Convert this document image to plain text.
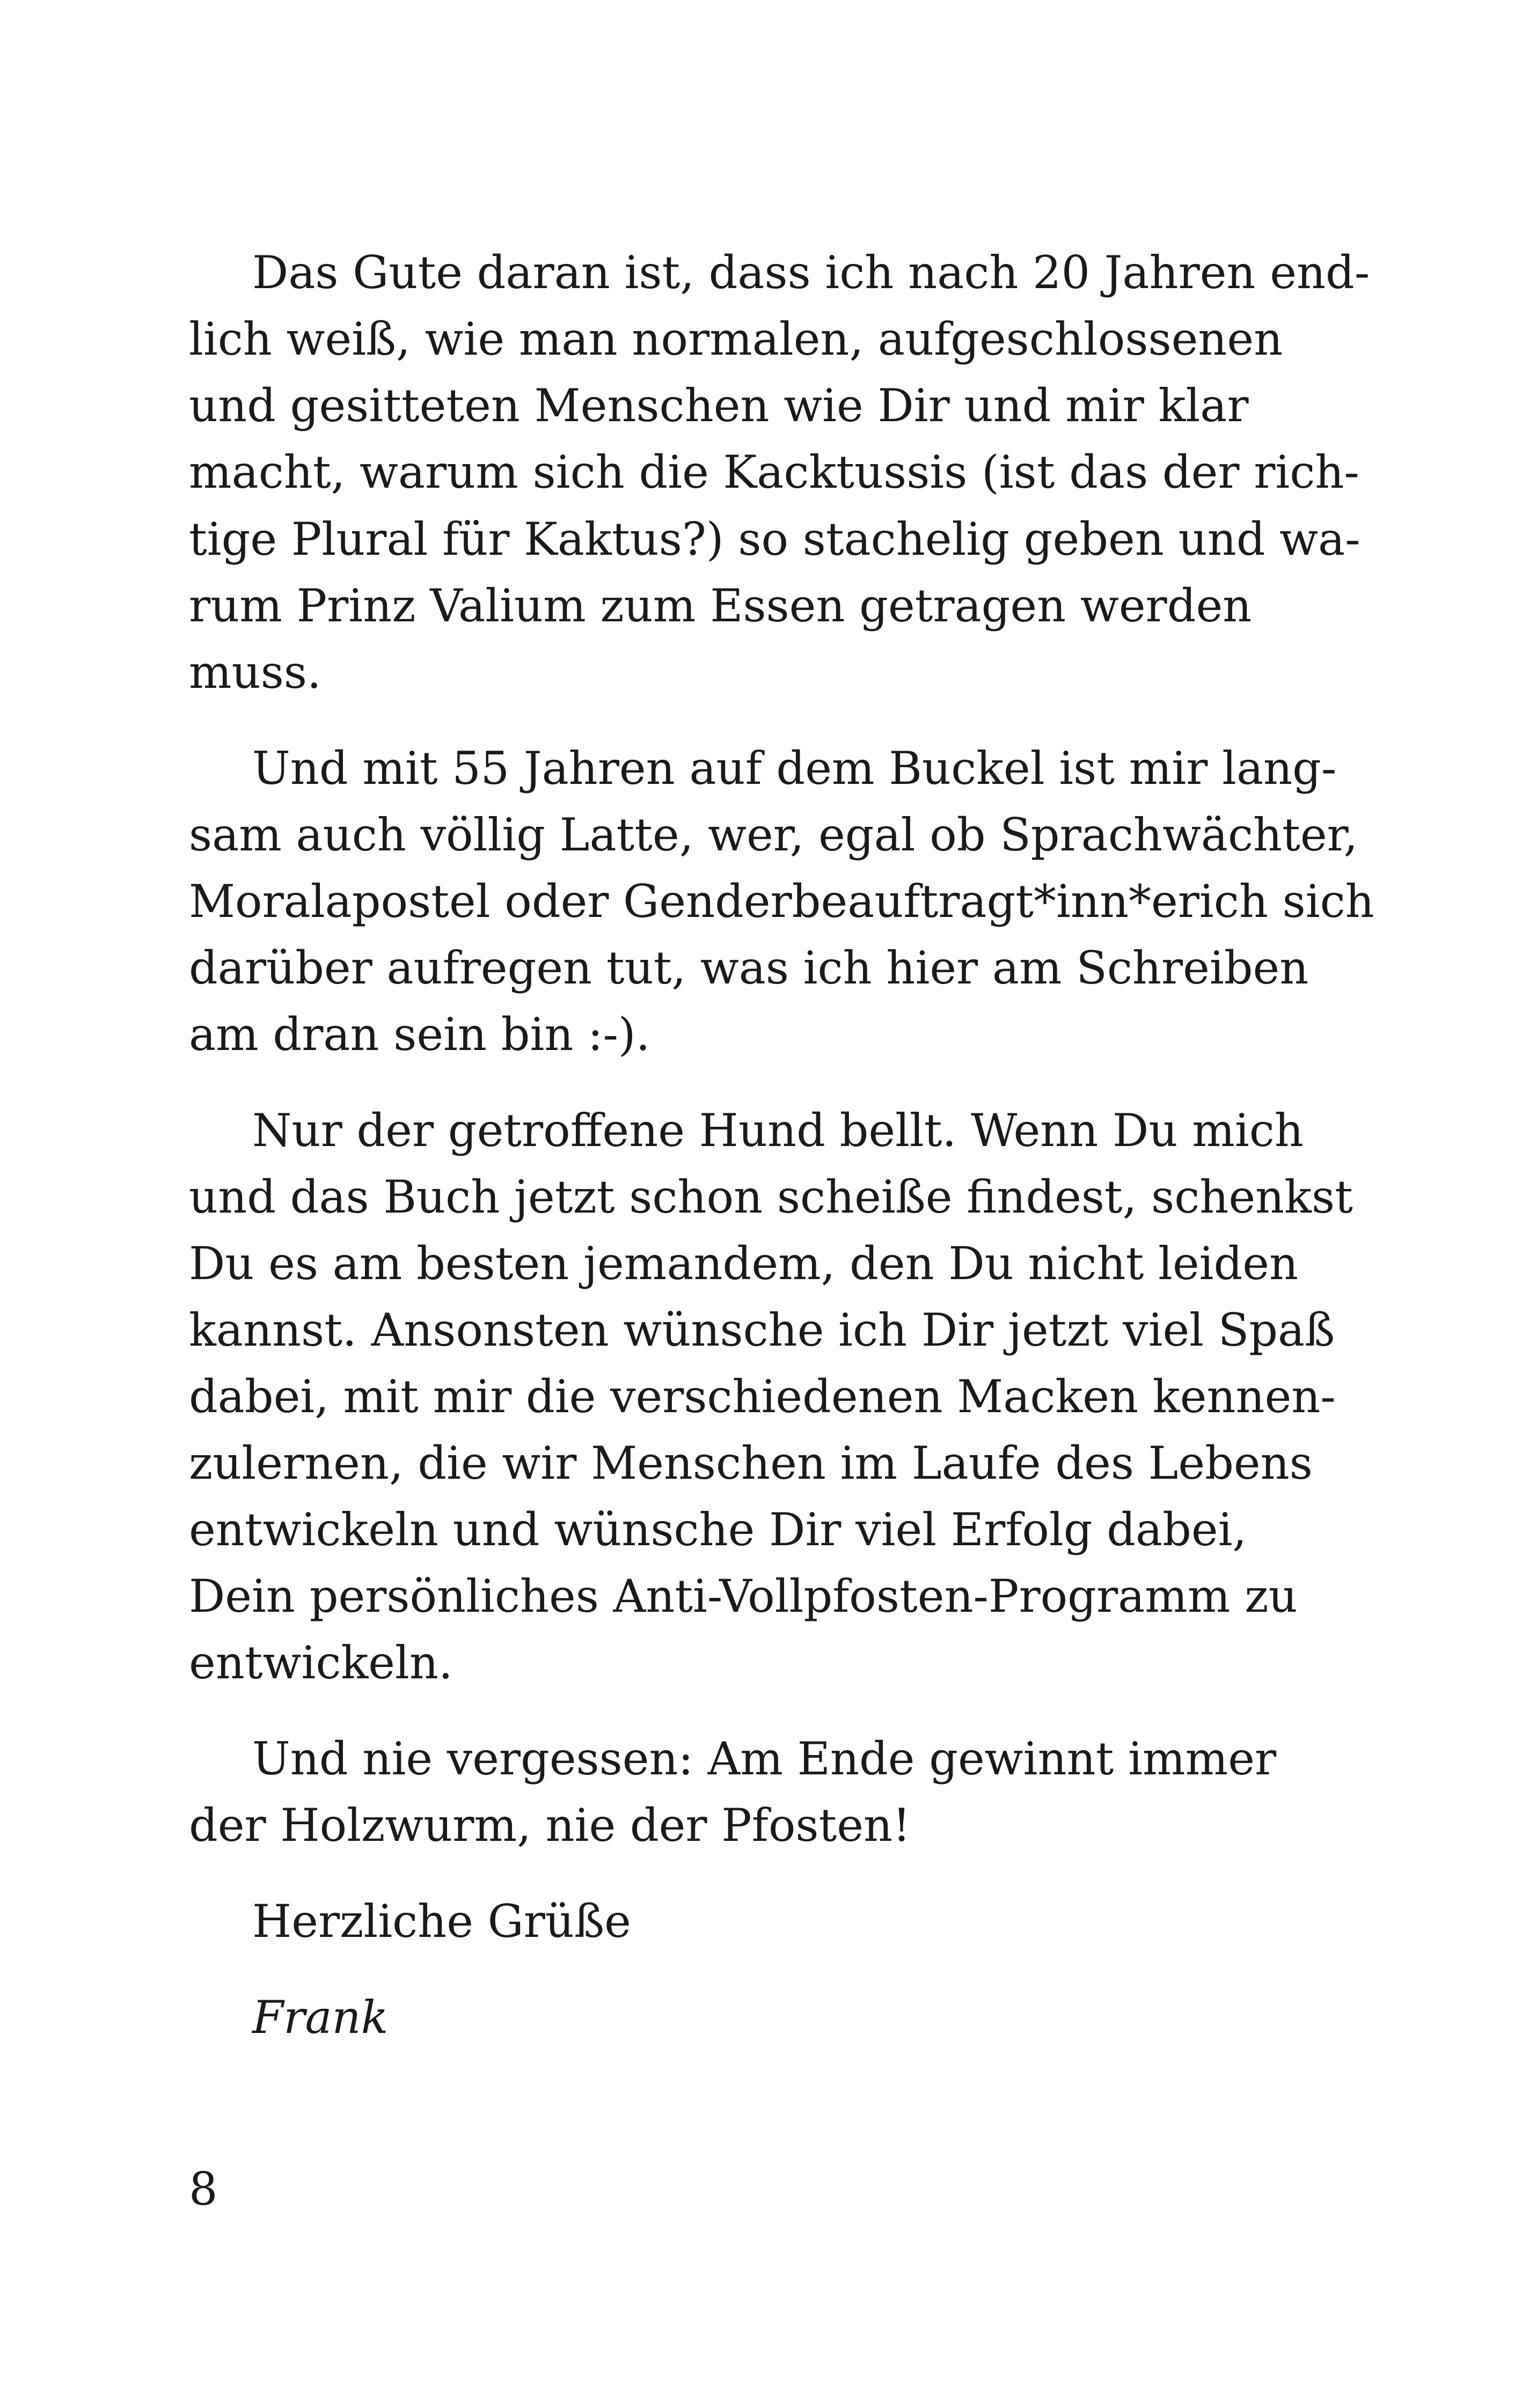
Das Gute daran ist, dass ich nach 20 Jahren end-
lich weiß, wie man normalen, aufgeschlossenen
und gesitteten Menschen wie Dir und mir klar
macht, warum sich die Kacktussis (ist das der rich-
tige Plural für Kaktus?) so stachelig geben und wa-
rum Prinz Valium zum Essen getragen werden
muss.
Und mit 55 Jahren auf dem Buckel ist mir lang-
sam auch völlig Latte, wer, egal ob Sprachwächter,
Moralapostel oder Genderbeauftragt*inn*erich sich
darüber aufregen tut, was ich hier am Schreiben
am dran sein bin :-).
Nur der getroffene Hund bellt. Wenn Du mich
und das Buch jetzt schon scheiße findest, schenkst
Du es am besten jemandem, den Du nicht leiden
kannst. Ansonsten wünsche ich Dir jetzt viel Spaß
dabei, mit mir die verschiedenen Macken kennen-
zulernen, die wir Menschen im Laufe des Lebens
entwickeln und wünsche Dir viel Erfolg dabei,
Dein persönliches Anti-Vollpfosten-Programm zu
entwickeln.
Und nie vergessen: Am Ende gewinnt immer
der Holzwurm, nie der Pfosten!
Herzliche Grüße
Frank
8
